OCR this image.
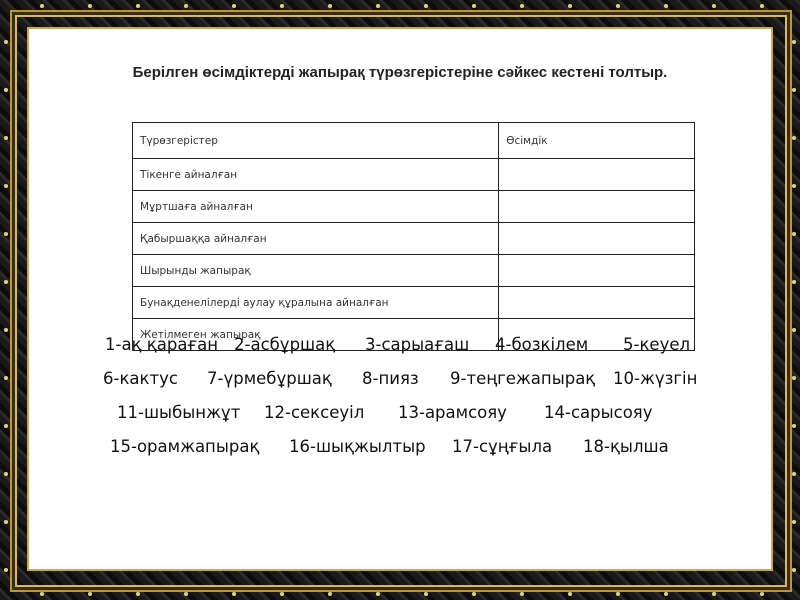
Берілген өсімдіктерді жапырақ түрөзгерістеріне сәйкес кестені толтыр.
Түрөзгерістер	Өсімдік
Тікенге айналған	
Мұртшаға айналған	
Қабыршаққа айналған	
Шырынды жапырақ	
Бунақденелілерді аулау құралына айналған	
Жетілмеген жапырақ	
1-ақ қараған 2-асбұршақ 3-сарыағаш 4-бозкілем 5-кеуел
6-кактус 7-үрмебұршақ 8-пияз 9-теңгежапырақ 10-жүзгін
11-шыбынжұт 12-сексеуіл 13-арамсояу 14-сарысояу
15-орамжапырақ 16-шықжылтыр 17-сұңғыла 18-қылша
